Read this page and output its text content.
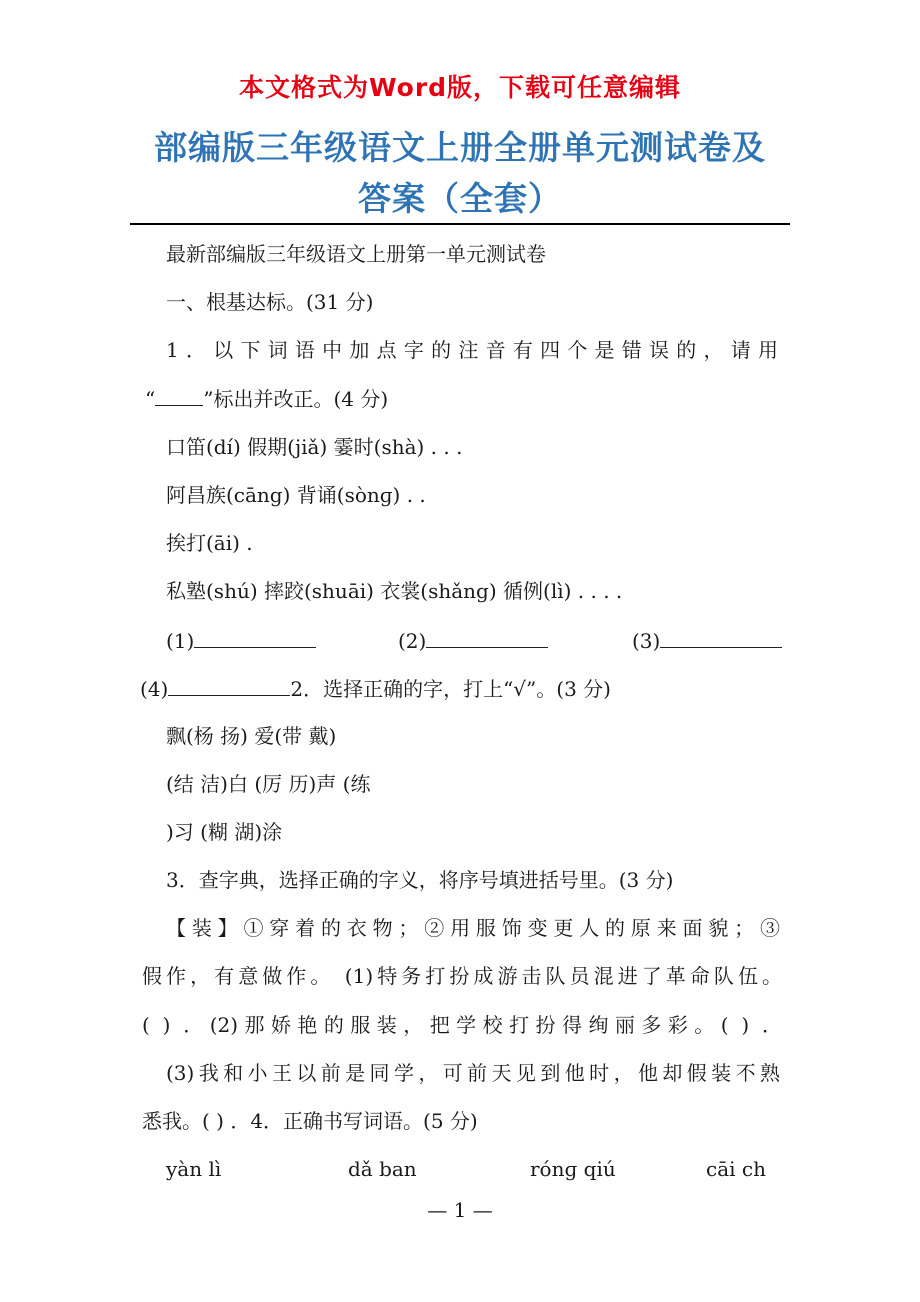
本文格式为Word版，下载可任意编辑
部编版三年级语文上册全册单元测试卷及
答案（全套）
最新部编版三年级语文上册第一单元测试卷
一、根基达标。(31 分)
1．以下词语中加点字的注音有四个是错误的，请用
“ ”标出并改正。(4 分)
口笛(dí) 假期(jiǎ) 霎时(shà) . . .
阿昌族(cāng) 背诵(sònɡ) . .
挨打(āi) .
私塾(shú) 摔跤(shuāi) 衣裳(shǎng) 循例(lì) . . . .
(1)	(2)	(3)
(4)	2．选择正确的字，打上“√”。(3 分)
飘(杨 扬) 爱(带 戴)
(结 洁)白 (厉 历)声 (练
)习 (糊 湖)涂
3．查字典，选择正确的字义，将序号填进括号里。(3 分)
【装】①穿着的衣物；②用服饰变更人的原来面貌；③
假作，有意做作。 (1)特务打扮成游击队员混进了革命队伍。
( ) ．(2)那娇艳的服装，把学校打扮得绚丽多彩。( ) ．
(3)我和小王以前是同学，可前天见到他时，他却假装不熟
悉我。( ) ．4．正确书写词语。(5 分)
yàn lì	dǎ ban	rónɡ qiú	cāi ch
— 1 —
